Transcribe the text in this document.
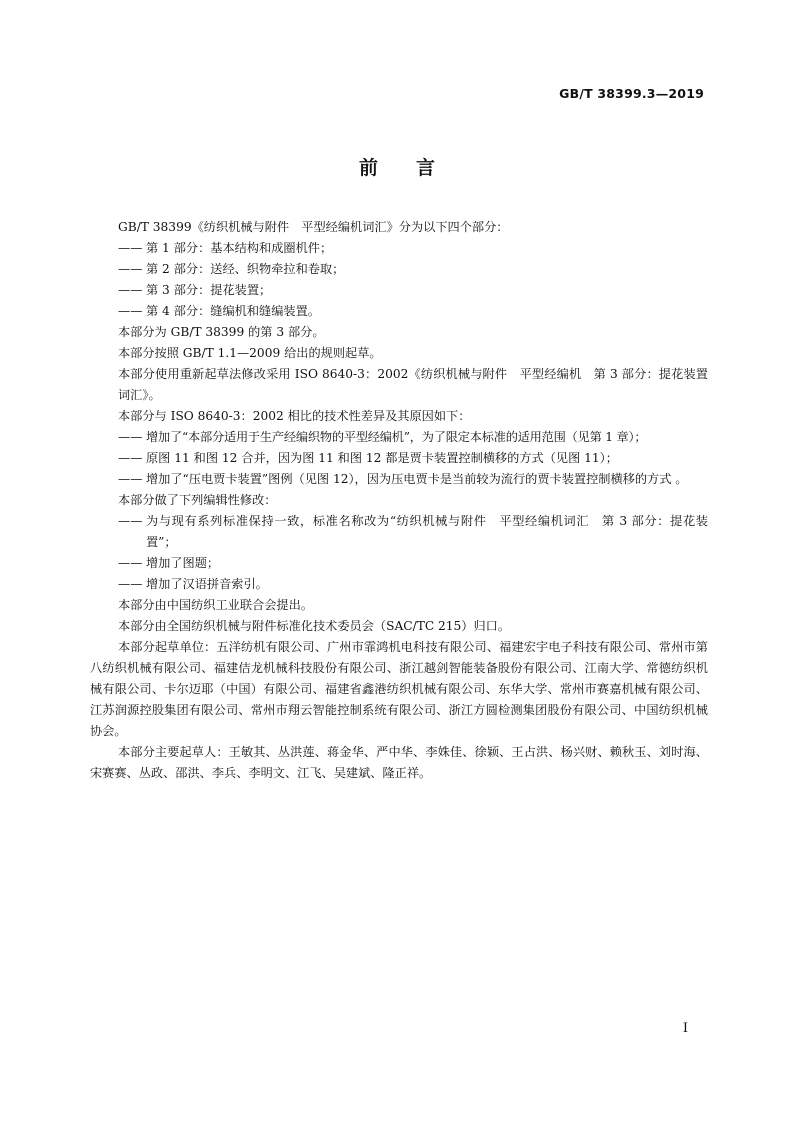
GB/T 38399.3—2019
前言

GB/T 38399《纺织机械与附件　平型经编机词汇》分为以下四个部分：

—— 第 1 部分：基本结构和成圈机件；
—— 第 2 部分：送经、织物牵拉和卷取；
—— 第 3 部分：提花装置；
—— 第 4 部分：缝编机和缝编装置。

本部分为 GB/T 38399 的第 3 部分。

本部分按照 GB/T 1.1—2009 给出的规则起草。

本部分使用重新起草法修改采用 ISO 8640-3：2002《纺织机械与附件　平型经编机　第 3 部分：提花装置词汇》。

本部分与 ISO 8640-3：2002 相比的技术性差异及其原因如下：

—— 增加了“本部分适用于生产经编织物的平型经编机”，为了限定本标准的适用范围（见第 1 章）；
—— 原图 11 和图 12 合并，因为图 11 和图 12 都是贾卡装置控制横移的方式（见图 11）；
—— 增加了“压电贾卡装置”图例（见图 12），因为压电贾卡是当前较为流行的贾卡装置控制横移的方式 。

本部分做了下列编辑性修改：

—— 为与现有系列标准保持一致，标准名称改为“纺织机械与附件　平型经编机词汇　第 3 部分：提花装置”；
—— 增加了图题；
—— 增加了汉语拼音索引。

本部分由中国纺织工业联合会提出。

本部分由全国纺织机械与附件标准化技术委员会（SAC/TC 215）归口。

本部分起草单位：五洋纺机有限公司、广州市霏鸿机电科技有限公司、福建宏宇电子科技有限公司、常州市第八纺织机械有限公司、福建佶龙机械科技股份有限公司、浙江越剑智能装备股份有限公司、江南大学、常德纺织机械有限公司、卡尔迈耶（中国）有限公司、福建省鑫港纺织机械有限公司、东华大学、常州市赛嘉机械有限公司、江苏润源控股集团有限公司、常州市翔云智能控制系统有限公司、浙江方圆检测集团股份有限公司、中国纺织机械协会。

本部分主要起草人：王敏其、丛洪莲、蒋金华、严中华、李姝佳、徐颖、王占洪、杨兴财、赖秋玉、刘时海、宋赛赛、丛政、邵洪、李兵、李明文、江飞、吴建斌、隆正祥。

I
